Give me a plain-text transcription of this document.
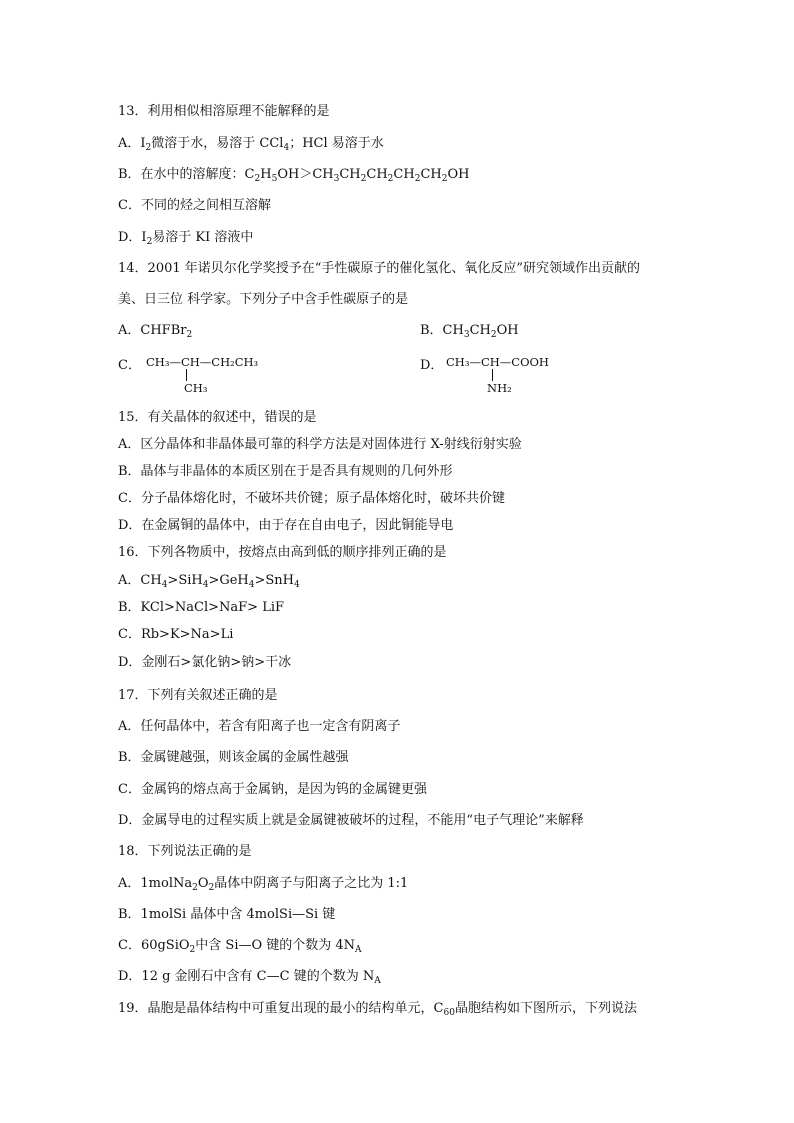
13．利用相似相溶原理不能解释的是
A．$I_2$微溶于水，易溶于 CCl$_4$；HCl 易溶于水
B．在水中的溶解度：$C_2H_5OH>CH_3CH_2CH_2CH_2CH_2OH$
C．不同的烃之间相互溶解
D．$I_2$易溶于 KI 溶液中
14．2001 年诺贝尔化学奖授予在“手性碳原子的催化氢化、氧化反应”研究领域作出贡献的
美、日三位 科学家。下列分子中含手性碳原子的是
A．CHFBr$_2$	B．$CH_3CH_2OH$
C． CH₃—CH—CH₂CH₃
CH₃
D． CH₃—CH—COOH
NH₂
15．有关晶体的叙述中，错误的是
A．区分晶体和非晶体最可靠的科学方法是对固体进行 X-射线衍射实验
B．晶体与非晶体的本质区别在于是否具有规则的几何外形
C．分子晶体熔化时，不破坏共价键；原子晶体熔化时，破坏共价键
D．在金属铜的晶体中，由于存在自由电子，因此铜能导电
16．下列各物质中，按熔点由高到低的顺序排列正确的是
A．$CH_4>SiH_4>GeH_4>SnH_4$
B．KCl>NaCl>NaF> LiF
C．Rb>K>Na>Li
D．金刚石>氯化钠>钠>干冰
17．下列有关叙述正确的是
A．任何晶体中，若含有阳离子也一定含有阴离子
B．金属键越强，则该金属的金属性越强
C．金属钨的熔点高于金属钠，是因为钨的金属键更强
D．金属导电的过程实质上就是金属键被破坏的过程，不能用“电子气理论”来解释
18．下列说法正确的是
A．$1molNa_2O_2$晶体中阴离子与阳离子之比为 1:1
B．1molSi 晶体中含 4molSi—Si 键
C．60gSiO$_2$中含 Si—O 键的个数为 $4N_A$
D．12 g 金刚石中含有 C—C 键的个数为 $N_A$
19．晶胞是晶体结构中可重复出现的最小的结构单元，$C_{60}$晶胞结构如下图所示，下列说法
